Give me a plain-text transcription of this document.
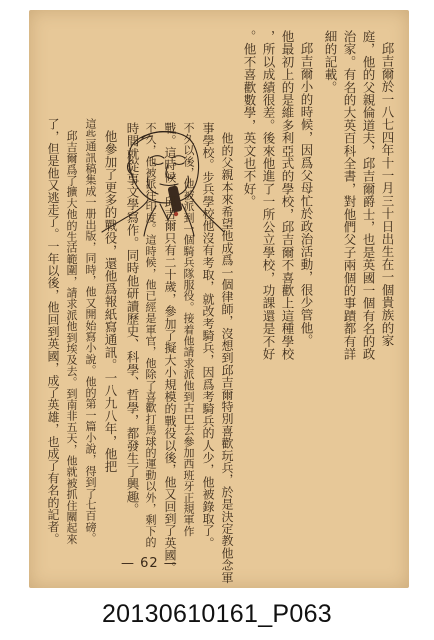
邱吉爾於一八七四年十一月三十日出生在一個貴族的家
庭，他的父親倫道夫，邱吉爾爵士，也是英國一個有名的政
治家。有名的大英百科全書，對他們父子兩個的事蹟都有詳
細的記載。
邱吉爾小的時候，因爲父母忙於政治活動，很少管他。
他最初上的是維多利亞式的學校，邱吉爾不喜歡上這種學校
，所以成績很差。後來他進了一所公立學校，功課還是不好
。他不喜歡數學，英文也不好。
他的父親本來希望他成爲一個律師，沒想到邱吉爾特別喜歡玩兵，於是決定教他念軍
事學校。步兵學校他沒有考取，就改考騎兵，因爲考騎兵的人少，他被錄取了。
不久以後，他被派到一個騎兵隊服役。接着他請求派他到古巴去參加西班牙正規軍作
戰。這時候，邱吉爾只有二十歲，參加了擬大小規模的戰役以後，他又回到了英國。
不久，他被派往印度。這時候，他已經是軍官，他除了喜歡打馬球的運動以外，剩下的
時間就從事文學寫作。同時他研讀歷史、科學、哲學，都發生了興趣。
他參加了更多的戰役，還他爲報紙寫通訊。一八九八年，他把
這些通訊稿集成一册出版，同時，他又開始寫小說。他的第一篇小說，得到了七百磅。
邱吉爾爲了擴大他的生活範圍，請求派他到埃及去。到南非五天，他就被抓住關起來
了，但是他又逃走了。一年以後，他回到英國，成了英雄，也成了有名的記者。
— 62 —
20130610161_P063
